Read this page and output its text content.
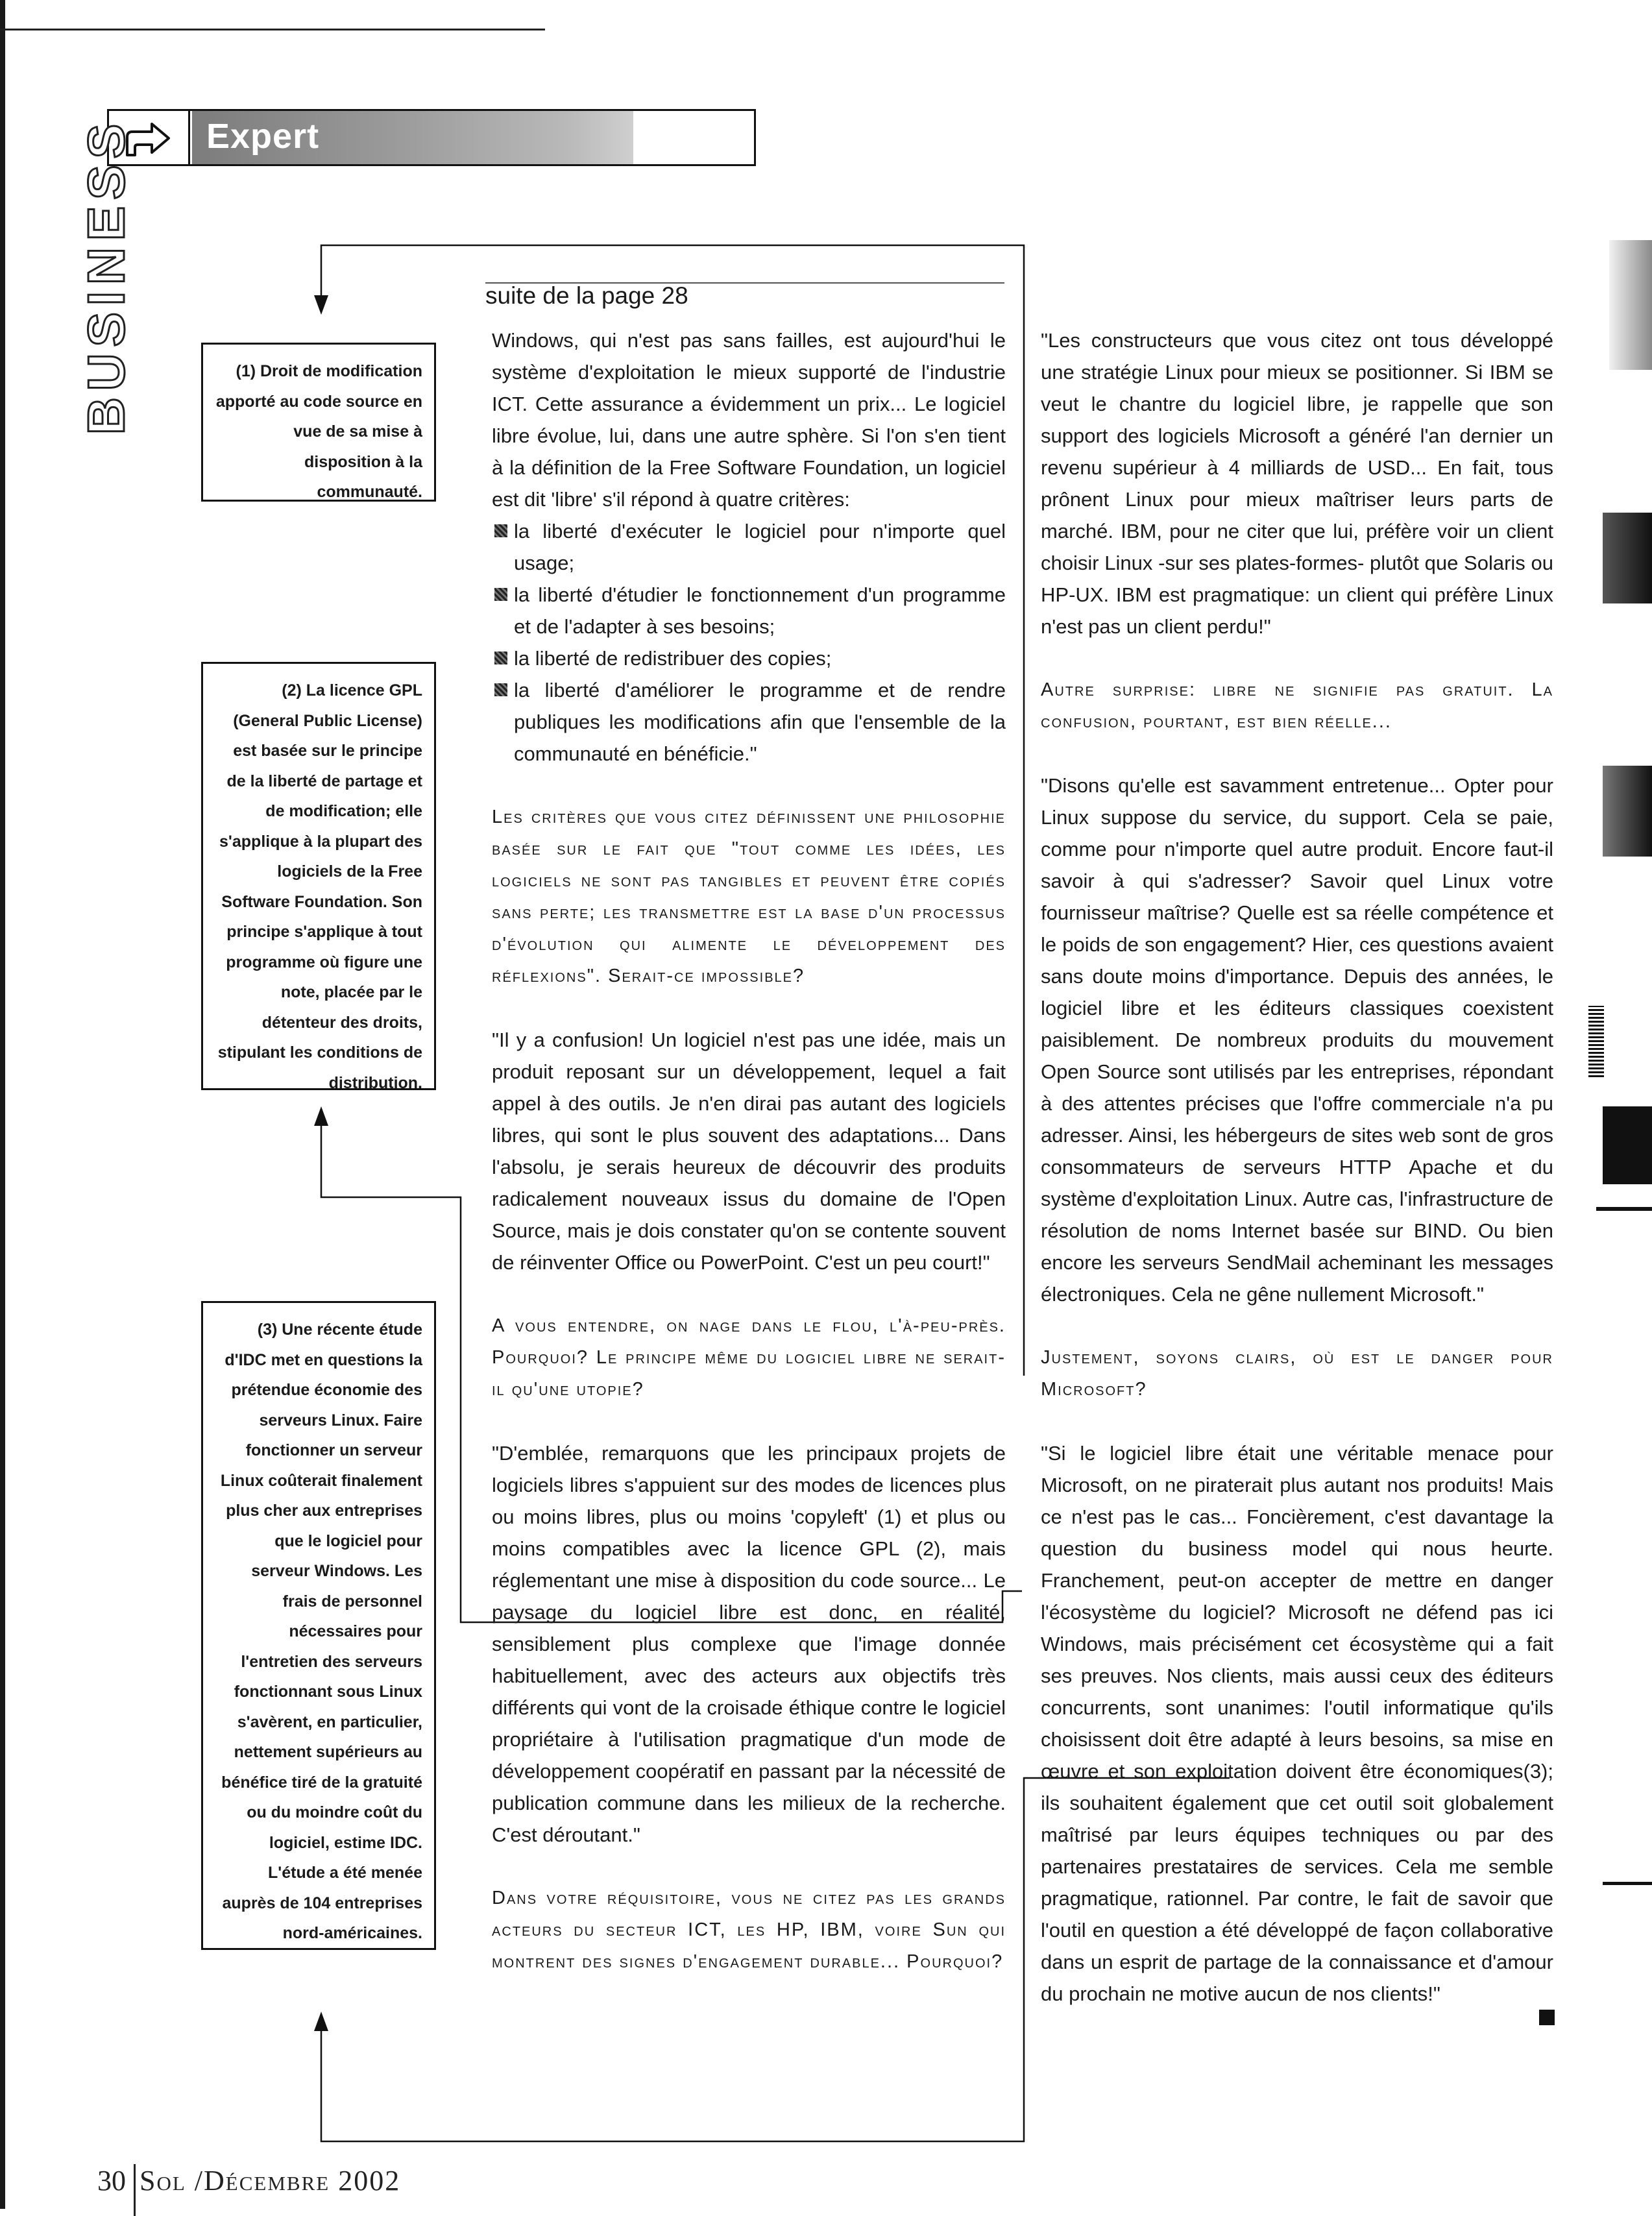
Expert
BUSINESS	suite de la page 28
(1) Droit de modification apporté au code source en vue de sa mise à disposition à la communauté.
(2) La licence GPL (General Public License) est basée sur le principe de la liberté de partage et de modification; elle s'applique à la plupart des logiciels de la Free Software Foundation. Son principe s'applique à tout programme où figure une note, placée par le détenteur des droits, stipulant les conditions de distribution.
(3) Une récente étude d'IDC met en questions la prétendue économie des serveurs Linux. Faire fonctionner un serveur Linux coûterait finalement plus cher aux entreprises que le logiciel pour serveur Windows. Les frais de personnel nécessaires pour l'entretien des serveurs fonctionnant sous Linux s'avèrent, en particulier, nettement supérieurs au bénéfice tiré de la gratuité ou du moindre coût du logiciel, estime IDC. L'étude a été menée auprès de 104 entreprises nord-américaines.

Windows, qui n'est pas sans failles, est aujourd'hui le système d'exploitation le mieux supporté de l'industrie ICT. Cette assurance a évidemment un prix... Le logiciel libre évolue, lui, dans une autre sphère. Si l'on s'en tient à la définition de la Free Software Foundation, un logiciel est dit 'libre' s'il répond à quatre critères:

la liberté d'exécuter le logiciel pour n'importe quel usage;
la liberté d'étudier le fonctionnement d'un programme et de l'adapter à ses besoins;
la liberté de redistribuer des copies;
la liberté d'améliorer le programme et de rendre publiques les modifications afin que l'ensemble de la communauté en bénéficie."

Les critères que vous citez définissent une philosophie basée sur le fait que "tout comme les idées, les logiciels ne sont pas tangibles et peuvent être copiés sans perte; les transmettre est la base d'un processus d'évolution qui alimente le développement des réflexions". Serait-ce impossible?

"Il y a confusion! Un logiciel n'est pas une idée, mais un produit reposant sur un développement, lequel a fait appel à des outils. Je n'en dirai pas autant des logiciels libres, qui sont le plus souvent des adaptations... Dans l'absolu, je serais heureux de découvrir des produits radicalement nouveaux issus du domaine de l'Open Source, mais je dois constater qu'on se contente souvent de réinventer Office ou PowerPoint. C'est un peu court!"

A vous entendre, on nage dans le flou, l'à-peu-près. Pourquoi? Le principe même du logiciel libre ne serait-il qu'une utopie?

"D'emblée, remarquons que les principaux projets de logiciels libres s'appuient sur des modes de licences plus ou moins libres, plus ou moins 'copyleft' (1) et plus ou moins compatibles avec la licence GPL (2), mais réglementant une mise à disposition du code source... Le paysage du logiciel libre est donc, en réalité, sensiblement plus complexe que l'image donnée habituellement, avec des acteurs aux objectifs très différents qui vont de la croisade éthique contre le logiciel propriétaire à l'utilisation pragmatique d'un mode de développement coopératif en passant par la nécessité de publication commune dans les milieux de la recherche. C'est déroutant."

Dans votre réquisitoire, vous ne citez pas les grands acteurs du secteur ICT, les HP, IBM, voire Sun qui montrent des signes d'engagement durable... Pourquoi?

"Les constructeurs que vous citez ont tous développé une stratégie Linux pour mieux se positionner. Si IBM se veut le chantre du logiciel libre, je rappelle que son support des logiciels Microsoft a généré l'an dernier un revenu supérieur à 4 milliards de USD... En fait, tous prônent Linux pour mieux maîtriser leurs parts de marché. IBM, pour ne citer que lui, préfère voir un client choisir Linux -sur ses plates-formes- plutôt que Solaris ou HP-UX. IBM est pragmatique: un client qui préfère Linux n'est pas un client perdu!"

Autre surprise: libre ne signifie pas gratuit. La confusion, pourtant, est bien réelle...

"Disons qu'elle est savamment entretenue... Opter pour Linux suppose du service, du support. Cela se paie, comme pour n'importe quel autre produit. Encore faut-il savoir à qui s'adresser? Savoir quel Linux votre fournisseur maîtrise? Quelle est sa réelle compétence et le poids de son engagement? Hier, ces questions avaient sans doute moins d'importance. Depuis des années, le logiciel libre et les éditeurs classiques coexistent paisiblement. De nombreux produits du mouvement Open Source sont utilisés par les entreprises, répondant à des attentes précises que l'offre commerciale n'a pu adresser. Ainsi, les hébergeurs de sites web sont de gros consommateurs de serveurs HTTP Apache et du système d'exploitation Linux. Autre cas, l'infrastructure de résolution de noms Internet basée sur BIND. Ou bien encore les serveurs SendMail acheminant les messages électroniques. Cela ne gêne nullement Microsoft."

Justement, soyons clairs, où est le danger pour Microsoft?

"Si le logiciel libre était une véritable menace pour Microsoft, on ne piraterait plus autant nos produits! Mais ce n'est pas le cas... Foncièrement, c'est davantage la question du business model qui nous heurte. Franchement, peut-on accepter de mettre en danger l'écosystème du logiciel? Microsoft ne défend pas ici Windows, mais précisément cet écosystème qui a fait ses preuves. Nos clients, mais aussi ceux des éditeurs concurrents, sont unanimes: l'outil informatique qu'ils choisissent doit être adapté à leurs besoins, sa mise en œuvre et son exploitation doivent être économiques(3); ils souhaitent également que cet outil soit globalement maîtrisé par leurs équipes techniques ou par des partenaires prestataires de services. Cela me semble pragmatique, rationnel. Par contre, le fait de savoir que l'outil en question a été développé de façon collaborative dans un esprit de partage de la connaissance et d'amour du prochain ne motive aucun de nos clients!"

30 Sol /Décembre 2002
